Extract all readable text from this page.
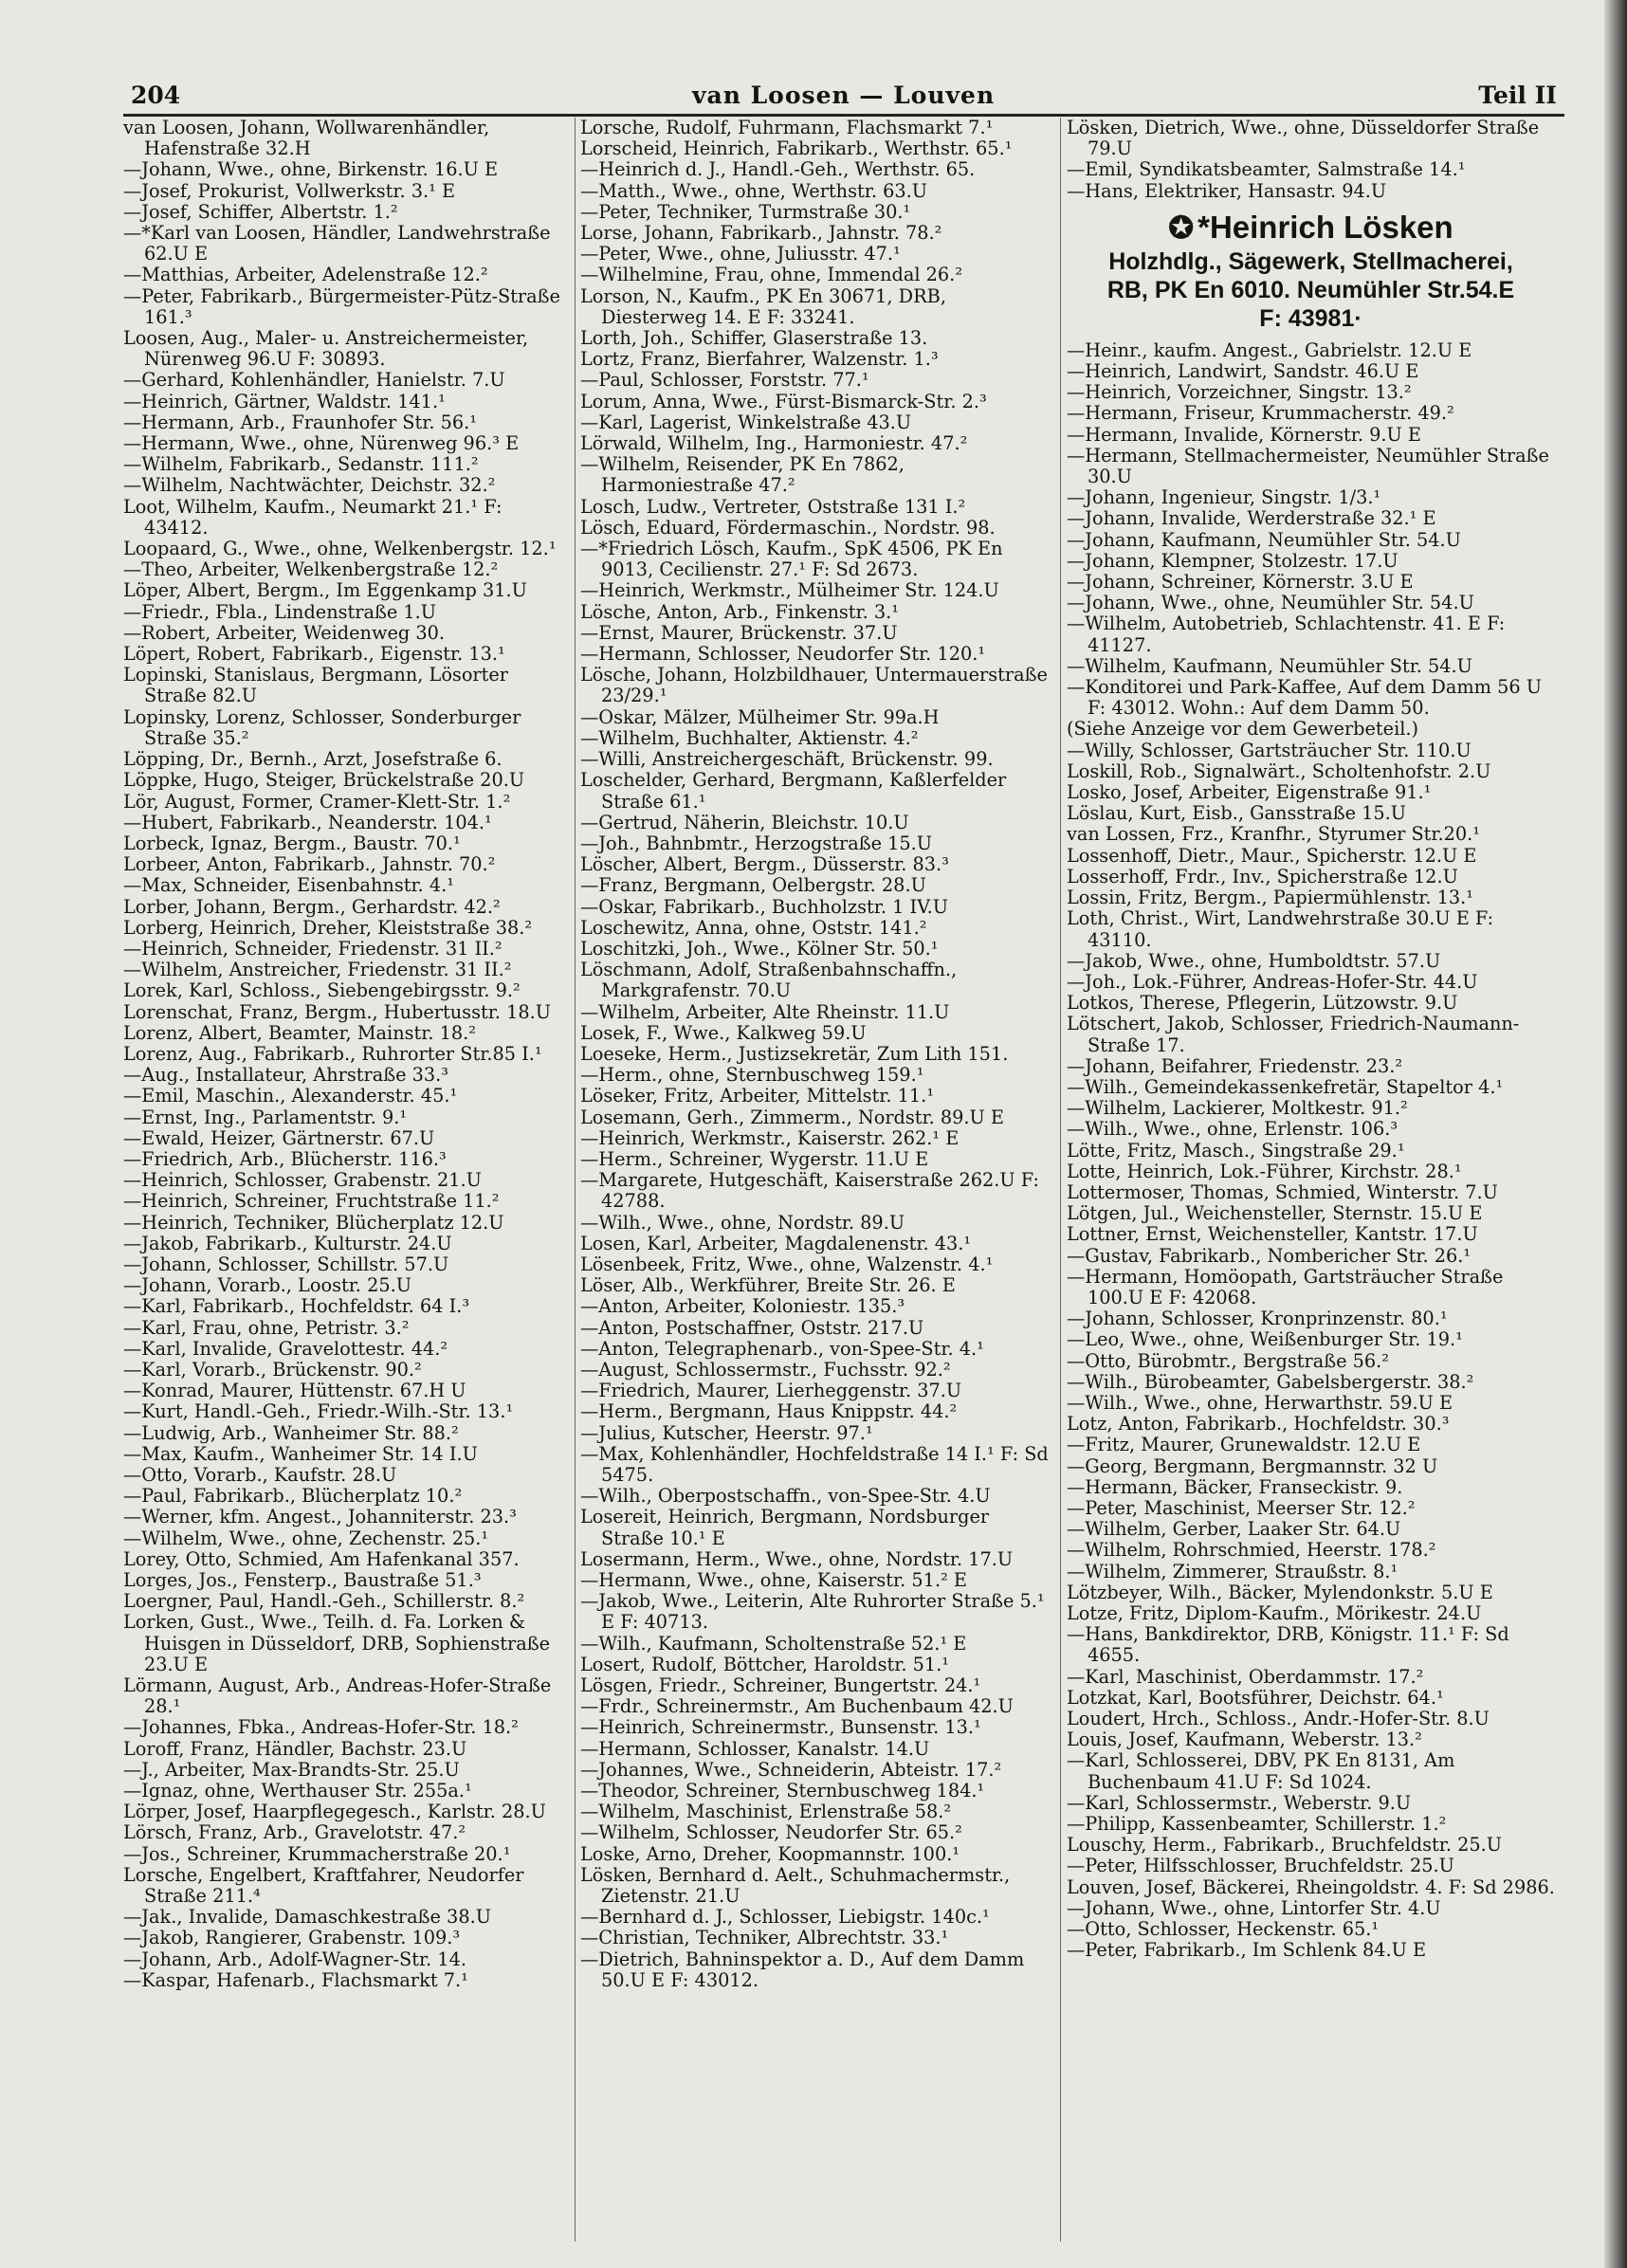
204	van Loosen — Louven	Teil II
van Loosen, Johann, Wollwarenhändler, Hafenstraße 32.H
—Johann, Wwe., ohne, Birkenstr. 16.U E
—Josef, Prokurist, Vollwerkstr. 3.¹ E
—Josef, Schiffer, Albertstr. 1.²
—*Karl van Loosen, Händler, Landwehrstraße 62.U E
—Matthias, Arbeiter, Adelenstraße 12.²
—Peter, Fabrikarb., Bürgermeister-Pütz-Straße 161.³
Loosen, Aug., Maler- u. Anstreichermeister, Nürenweg 96.U F: 30893.
—Gerhard, Kohlenhändler, Hanielstr. 7.U
—Heinrich, Gärtner, Waldstr. 141.¹
—Hermann, Arb., Fraunhofer Str. 56.¹
—Hermann, Wwe., ohne, Nürenweg 96.³ E
—Wilhelm, Fabrikarb., Sedanstr. 111.²
—Wilhelm, Nachtwächter, Deichstr. 32.²
Loot, Wilhelm, Kaufm., Neumarkt 21.¹ F: 43412.
Loopaard, G., Wwe., ohne, Welkenbergstr. 12.¹
—Theo, Arbeiter, Welkenbergstraße 12.²
Löper, Albert, Bergm., Im Eggenkamp 31.U
—Friedr., Fbla., Lindenstraße 1.U
—Robert, Arbeiter, Weidenweg 30.
Löpert, Robert, Fabrikarb., Eigenstr. 13.¹
Lopinski, Stanislaus, Bergmann, Lösorter Straße 82.U
Lopinsky, Lorenz, Schlosser, Sonderburger Straße 35.²
Löpping, Dr., Bernh., Arzt, Josefstraße 6.
Löppke, Hugo, Steiger, Brückelstraße 20.U
Lör, August, Former, Cramer-Klett-Str. 1.²
—Hubert, Fabrikarb., Neanderstr. 104.¹
Lorbeck, Ignaz, Bergm., Baustr. 70.¹
Lorbeer, Anton, Fabrikarb., Jahnstr. 70.²
—Max, Schneider, Eisenbahnstr. 4.¹
Lorber, Johann, Bergm., Gerhardstr. 42.²
Lorberg, Heinrich, Dreher, Kleiststraße 38.²
—Heinrich, Schneider, Friedenstr. 31 II.²
—Wilhelm, Anstreicher, Friedenstr. 31 II.²
Lorek, Karl, Schloss., Siebengebirgsstr. 9.²
Lorenschat, Franz, Bergm., Hubertusstr. 18.U
Lorenz, Albert, Beamter, Mainstr. 18.²
Lorenz, Aug., Fabrikarb., Ruhrorter Str.85 I.¹
—Aug., Installateur, Ahrstraße 33.³
—Emil, Maschin., Alexanderstr. 45.¹
—Ernst, Ing., Parlamentstr. 9.¹
—Ewald, Heizer, Gärtnerstr. 67.U
—Friedrich, Arb., Blücherstr. 116.³
—Heinrich, Schlosser, Grabenstr. 21.U
—Heinrich, Schreiner, Fruchtstraße 11.²
—Heinrich, Techniker, Blücherplatz 12.U
—Jakob, Fabrikarb., Kulturstr. 24.U
—Johann, Schlosser, Schillstr. 57.U
—Johann, Vorarb., Loostr. 25.U
—Karl, Fabrikarb., Hochfeldstr. 64 I.³
—Karl, Frau, ohne, Petristr. 3.²
—Karl, Invalide, Gravelottestr. 44.²
—Karl, Vorarb., Brückenstr. 90.²
—Konrad, Maurer, Hüttenstr. 67.H U
—Kurt, Handl.-Geh., Friedr.-Wilh.-Str. 13.¹
—Ludwig, Arb., Wanheimer Str. 88.²
—Max, Kaufm., Wanheimer Str. 14 I.U
—Otto, Vorarb., Kaufstr. 28.U
—Paul, Fabrikarb., Blücherplatz 10.²
—Werner, kfm. Angest., Johanniterstr. 23.³
—Wilhelm, Wwe., ohne, Zechenstr. 25.¹
Lorey, Otto, Schmied, Am Hafenkanal 357.
Lorges, Jos., Fensterp., Baustraße 51.³
Loergner, Paul, Handl.-Geh., Schillerstr. 8.²
Lorken, Gust., Wwe., Teilh. d. Fa. Lorken & Huisgen in Düsseldorf, DRB, Sophienstraße 23.U E
Lörmann, August, Arb., Andreas-Hofer-Straße 28.¹
—Johannes, Fbka., Andreas-Hofer-Str. 18.²
Loroff, Franz, Händler, Bachstr. 23.U
—J., Arbeiter, Max-Brandts-Str. 25.U
—Ignaz, ohne, Werthauser Str. 255a.¹
Lörper, Josef, Haarpflegegesch., Karlstr. 28.U
Lörsch, Franz, Arb., Gravelotstr. 47.²
—Jos., Schreiner, Krummacherstraße 20.¹
Lorsche, Engelbert, Kraftfahrer, Neudorfer Straße 211.⁴
—Jak., Invalide, Damaschkestraße 38.U
—Jakob, Rangierer, Grabenstr. 109.³
—Johann, Arb., Adolf-Wagner-Str. 14.
—Kaspar, Hafenarb., Flachsmarkt 7.¹
Lorsche, Rudolf, Fuhrmann, Flachsmarkt 7.¹
Lorscheid, Heinrich, Fabrikarb., Werthstr. 65.¹
—Heinrich d. J., Handl.-Geh., Werthstr. 65.
—Matth., Wwe., ohne, Werthstr. 63.U
—Peter, Techniker, Turmstraße 30.¹
Lorse, Johann, Fabrikarb., Jahnstr. 78.²
—Peter, Wwe., ohne, Juliusstr. 47.¹
—Wilhelmine, Frau, ohne, Immendal 26.²
Lorson, N., Kaufm., PK En 30671, DRB, Diesterweg 14. E F: 33241.
Lorth, Joh., Schiffer, Glaserstraße 13.
Lortz, Franz, Bierfahrer, Walzenstr. 1.³
—Paul, Schlosser, Forststr. 77.¹
Lorum, Anna, Wwe., Fürst-Bismarck-Str. 2.³
—Karl, Lagerist, Winkelstraße 43.U
Lörwald, Wilhelm, Ing., Harmoniestr. 47.²
—Wilhelm, Reisender, PK En 7862, Harmoniestraße 47.²
Losch, Ludw., Vertreter, Oststraße 131 I.²
Lösch, Eduard, Fördermaschin., Nordstr. 98.
—*Friedrich Lösch, Kaufm., SpK 4506, PK En 9013, Cecilienstr. 27.¹ F: Sd 2673.
—Heinrich, Werkmstr., Mülheimer Str. 124.U
Lösche, Anton, Arb., Finkenstr. 3.¹
—Ernst, Maurer, Brückenstr. 37.U
—Hermann, Schlosser, Neudorfer Str. 120.¹
Lösche, Johann, Holzbildhauer, Untermauerstraße 23/29.¹
—Oskar, Mälzer, Mülheimer Str. 99a.H
—Wilhelm, Buchhalter, Aktienstr. 4.²
—Willi, Anstreichergeschäft, Brückenstr. 99.
Loschelder, Gerhard, Bergmann, Kaßlerfelder Straße 61.¹
—Gertrud, Näherin, Bleichstr. 10.U
—Joh., Bahnbmtr., Herzogstraße 15.U
Löscher, Albert, Bergm., Düsserstr. 83.³
—Franz, Bergmann, Oelbergstr. 28.U
—Oskar, Fabrikarb., Buchholzstr. 1 IV.U
Loschewitz, Anna, ohne, Oststr. 141.²
Loschitzki, Joh., Wwe., Kölner Str. 50.¹
Löschmann, Adolf, Straßenbahnschaffn., Markgrafenstr. 70.U
—Wilhelm, Arbeiter, Alte Rheinstr. 11.U
Losek, F., Wwe., Kalkweg 59.U
Loeseke, Herm., Justizsekretär, Zum Lith 151.
—Herm., ohne, Sternbuschweg 159.¹
Löseker, Fritz, Arbeiter, Mittelstr. 11.¹
Losemann, Gerh., Zimmerm., Nordstr. 89.U E
—Heinrich, Werkmstr., Kaiserstr. 262.¹ E
—Herm., Schreiner, Wygerstr. 11.U E
—Margarete, Hutgeschäft, Kaiserstraße 262.U F: 42788.
—Wilh., Wwe., ohne, Nordstr. 89.U
Losen, Karl, Arbeiter, Magdalenenstr. 43.¹
Lösenbeek, Fritz, Wwe., ohne, Walzenstr. 4.¹
Löser, Alb., Werkführer, Breite Str. 26. E
—Anton, Arbeiter, Koloniestr. 135.³
—Anton, Postschaffner, Oststr. 217.U
—Anton, Telegraphenarb., von-Spee-Str. 4.¹
—August, Schlossermstr., Fuchsstr. 92.²
—Friedrich, Maurer, Lierheggenstr. 37.U
—Herm., Bergmann, Haus Knippstr. 44.²
—Julius, Kutscher, Heerstr. 97.¹
—Max, Kohlenhändler, Hochfeldstraße 14 I.¹ F: Sd 5475.
—Wilh., Oberpostschaffn., von-Spee-Str. 4.U
Losereit, Heinrich, Bergmann, Nordsburger Straße 10.¹ E
Losermann, Herm., Wwe., ohne, Nordstr. 17.U
—Hermann, Wwe., ohne, Kaiserstr. 51.² E
—Jakob, Wwe., Leiterin, Alte Ruhrorter Straße 5.¹ E F: 40713.
—Wilh., Kaufmann, Scholtenstraße 52.¹ E
Losert, Rudolf, Böttcher, Haroldstr. 51.¹
Lösgen, Friedr., Schreiner, Bungertstr. 24.¹
—Frdr., Schreinermstr., Am Buchenbaum 42.U
—Heinrich, Schreinermstr., Bunsenstr. 13.¹
—Hermann, Schlosser, Kanalstr. 14.U
—Johannes, Wwe., Schneiderin, Abteistr. 17.²
—Theodor, Schreiner, Sternbuschweg 184.¹
—Wilhelm, Maschinist, Erlenstraße 58.²
—Wilhelm, Schlosser, Neudorfer Str. 65.²
Loske, Arno, Dreher, Koopmannstr. 100.¹
Lösken, Bernhard d. Aelt., Schuhmachermstr., Zietenstr. 21.U
—Bernhard d. J., Schlosser, Liebigstr. 140c.¹
—Christian, Techniker, Albrechtstr. 33.¹
—Dietrich, Bahninspektor a. D., Auf dem Damm 50.U E F: 43012.
Lösken, Dietrich, Wwe., ohne, Düsseldorfer Straße 79.U
—Emil, Syndikatsbeamter, Salmstraße 14.¹
—Hans, Elektriker, Hansastr. 94.U
✪ *Heinrich Lösken
Holzhdlg., Sägewerk, Stellmacherei,
RB, PK En 6010. Neumühler Str.54.E
F: 43981·
—Heinr., kaufm. Angest., Gabrielstr. 12.U E
—Heinrich, Landwirt, Sandstr. 46.U E
—Heinrich, Vorzeichner, Singstr. 13.²
—Hermann, Friseur, Krummacherstr. 49.²
—Hermann, Invalide, Körnerstr. 9.U E
—Hermann, Stellmachermeister, Neumühler Straße 30.U
—Johann, Ingenieur, Singstr. 1/3.¹
—Johann, Invalide, Werderstraße 32.¹ E
—Johann, Kaufmann, Neumühler Str. 54.U
—Johann, Klempner, Stolzestr. 17.U
—Johann, Schreiner, Körnerstr. 3.U E
—Johann, Wwe., ohne, Neumühler Str. 54.U
—Wilhelm, Autobetrieb, Schlachtenstr. 41. E F: 41127.
—Wilhelm, Kaufmann, Neumühler Str. 54.U
—Konditorei und Park-Kaffee, Auf dem Damm 56 U F: 43012. Wohn.: Auf dem Damm 50.
(Siehe Anzeige vor dem Gewerbeteil.)
—Willy, Schlosser, Gartsträucher Str. 110.U
Loskill, Rob., Signalwärt., Scholtenhofstr. 2.U
Losko, Josef, Arbeiter, Eigenstraße 91.¹
Löslau, Kurt, Eisb., Gansstraße 15.U
van Lossen, Frz., Kranfhr., Styrumer Str.20.¹
Lossenhoff, Dietr., Maur., Spicherstr. 12.U E
Losserhoff, Frdr., Inv., Spicherstraße 12.U
Lossin, Fritz, Bergm., Papiermühlenstr. 13.¹
Loth, Christ., Wirt, Landwehrstraße 30.U E F: 43110.
—Jakob, Wwe., ohne, Humboldtstr. 57.U
—Joh., Lok.-Führer, Andreas-Hofer-Str. 44.U
Lotkos, Therese, Pflegerin, Lützowstr. 9.U
Lötschert, Jakob, Schlosser, Friedrich-Naumann-Straße 17.
—Johann, Beifahrer, Friedenstr. 23.²
—Wilh., Gemeindekassenkefretär, Stapeltor 4.¹
—Wilhelm, Lackierer, Moltkestr. 91.²
—Wilh., Wwe., ohne, Erlenstr. 106.³
Lötte, Fritz, Masch., Singstraße 29.¹
Lotte, Heinrich, Lok.-Führer, Kirchstr. 28.¹
Lottermoser, Thomas, Schmied, Winterstr. 7.U
Lötgen, Jul., Weichensteller, Sternstr. 15.U E
Lottner, Ernst, Weichensteller, Kantstr. 17.U
—Gustav, Fabrikarb., Nombericher Str. 26.¹
—Hermann, Homöopath, Gartsträucher Straße 100.U E F: 42068.
—Johann, Schlosser, Kronprinzenstr. 80.¹
—Leo, Wwe., ohne, Weißenburger Str. 19.¹
—Otto, Bürobmtr., Bergstraße 56.²
—Wilh., Bürobeamter, Gabelsbergerstr. 38.²
—Wilh., Wwe., ohne, Herwarthstr. 59.U E
Lotz, Anton, Fabrikarb., Hochfeldstr. 30.³
—Fritz, Maurer, Grunewaldstr. 12.U E
—Georg, Bergmann, Bergmannstr. 32 U
—Hermann, Bäcker, Franseckistr. 9.
—Peter, Maschinist, Meerser Str. 12.²
—Wilhelm, Gerber, Laaker Str. 64.U
—Wilhelm, Rohrschmied, Heerstr. 178.²
—Wilhelm, Zimmerer, Straußstr. 8.¹
Lötzbeyer, Wilh., Bäcker, Mylendonkstr. 5.U E
Lotze, Fritz, Diplom-Kaufm., Mörikestr. 24.U
—Hans, Bankdirektor, DRB, Königstr. 11.¹ F: Sd 4655.
—Karl, Maschinist, Oberdammstr. 17.²
Lotzkat, Karl, Bootsführer, Deichstr. 64.¹
Loudert, Hrch., Schloss., Andr.-Hofer-Str. 8.U
Louis, Josef, Kaufmann, Weberstr. 13.²
—Karl, Schlosserei, DBV, PK En 8131, Am Buchenbaum 41.U F: Sd 1024.
—Karl, Schlossermstr., Weberstr. 9.U
—Philipp, Kassenbeamter, Schillerstr. 1.²
Louschy, Herm., Fabrikarb., Bruchfeldstr. 25.U
—Peter, Hilfsschlosser, Bruchfeldstr. 25.U
Louven, Josef, Bäckerei, Rheingoldstr. 4. F: Sd 2986.
—Johann, Wwe., ohne, Lintorfer Str. 4.U
—Otto, Schlosser, Heckenstr. 65.¹
—Peter, Fabrikarb., Im Schlenk 84.U E
